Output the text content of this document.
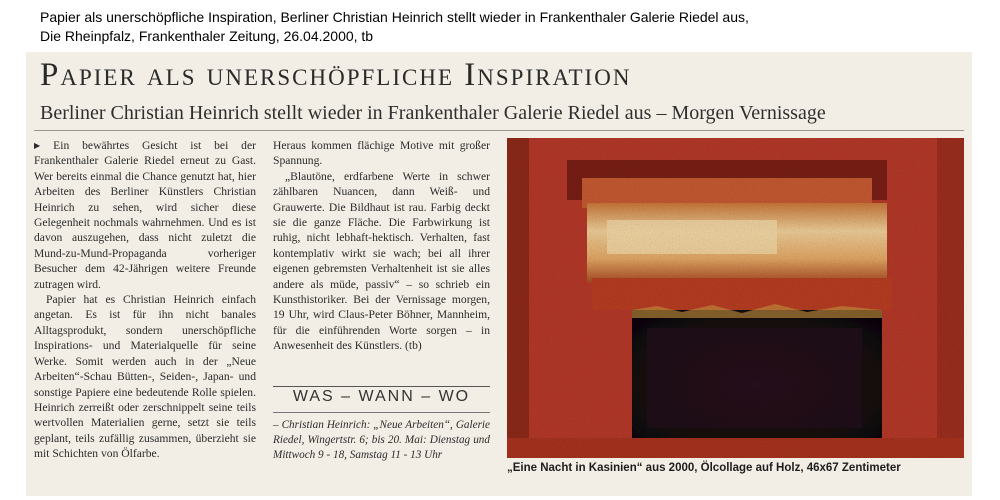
Papier als unerschöpfliche Inspiration, Berliner Christian Heinrich stellt wieder in Frankenthaler Galerie Riedel aus,
Die Rheinpfalz, Frankenthaler Zeitung, 26.04.2000, tb
Papier als unerschöpfliche Inspiration
Berliner Christian Heinrich stellt wieder in Frankenthaler Galerie Riedel aus – Morgen Vernissage

▶ Ein bewährtes Gesicht ist bei der Frankenthaler Galerie Riedel erneut zu Gast. Wer bereits einmal die Chance genutzt hat, hier Arbeiten des Berliner Künstlers Christian Heinrich zu sehen, wird sicher diese Gelegenheit nochmals wahrnehmen. Und es ist davon auszugehen, dass nicht zuletzt die Mund-zu-Mund-Propaganda vorheriger Besucher dem 42-Jährigen weitere Freunde zutragen wird.

Papier hat es Christian Heinrich einfach angetan. Es ist für ihn nicht banales Alltagsprodukt, sondern unerschöpfliche Inspirations- und Materialquelle für seine Werke. Somit werden auch in der „Neue Arbeiten“-Schau Bütten-, Seiden-, Japan- und sonstige Papiere eine bedeutende Rolle spielen. Heinrich zerreißt oder zerschnippelt seine teils wertvollen Materialien gerne, setzt sie teils geplant, teils zufällig zusammen, überzieht sie mit Schichten von Ölfarbe.

Heraus kommen flächige Motive mit großer Spannung.

„Blautöne, erdfarbene Werte in schwer zählbaren Nuancen, dann Weiß- und Grauwerte. Die Bildhaut ist rau. Farbig deckt sie die ganze Fläche. Die Farbwirkung ist ruhig, nicht lebhaft-hektisch. Verhalten, fast kontemplativ wirkt sie wach; bei all ihrer eigenen gebremsten Verhaltenheit ist sie alles andere als müde, passiv“ – so schrieb ein Kunsthistoriker. Bei der Vernissage morgen, 19 Uhr, wird Claus-Peter Böhner, Mannheim, für die einführenden Worte sorgen – in Anwesenheit des Künstlers. (tb)

WAS – WANN – WO

– Christian Heinrich: „Neue Arbeiten“, Galerie Riedel, Wingertstr. 6; bis 20. Mai: Dienstag und Mittwoch 9 - 18, Samstag 11 - 13 Uhr

„Eine Nacht in Kasinien“ aus 2000, Ölcollage auf Holz, 46x67 Zentimeter
